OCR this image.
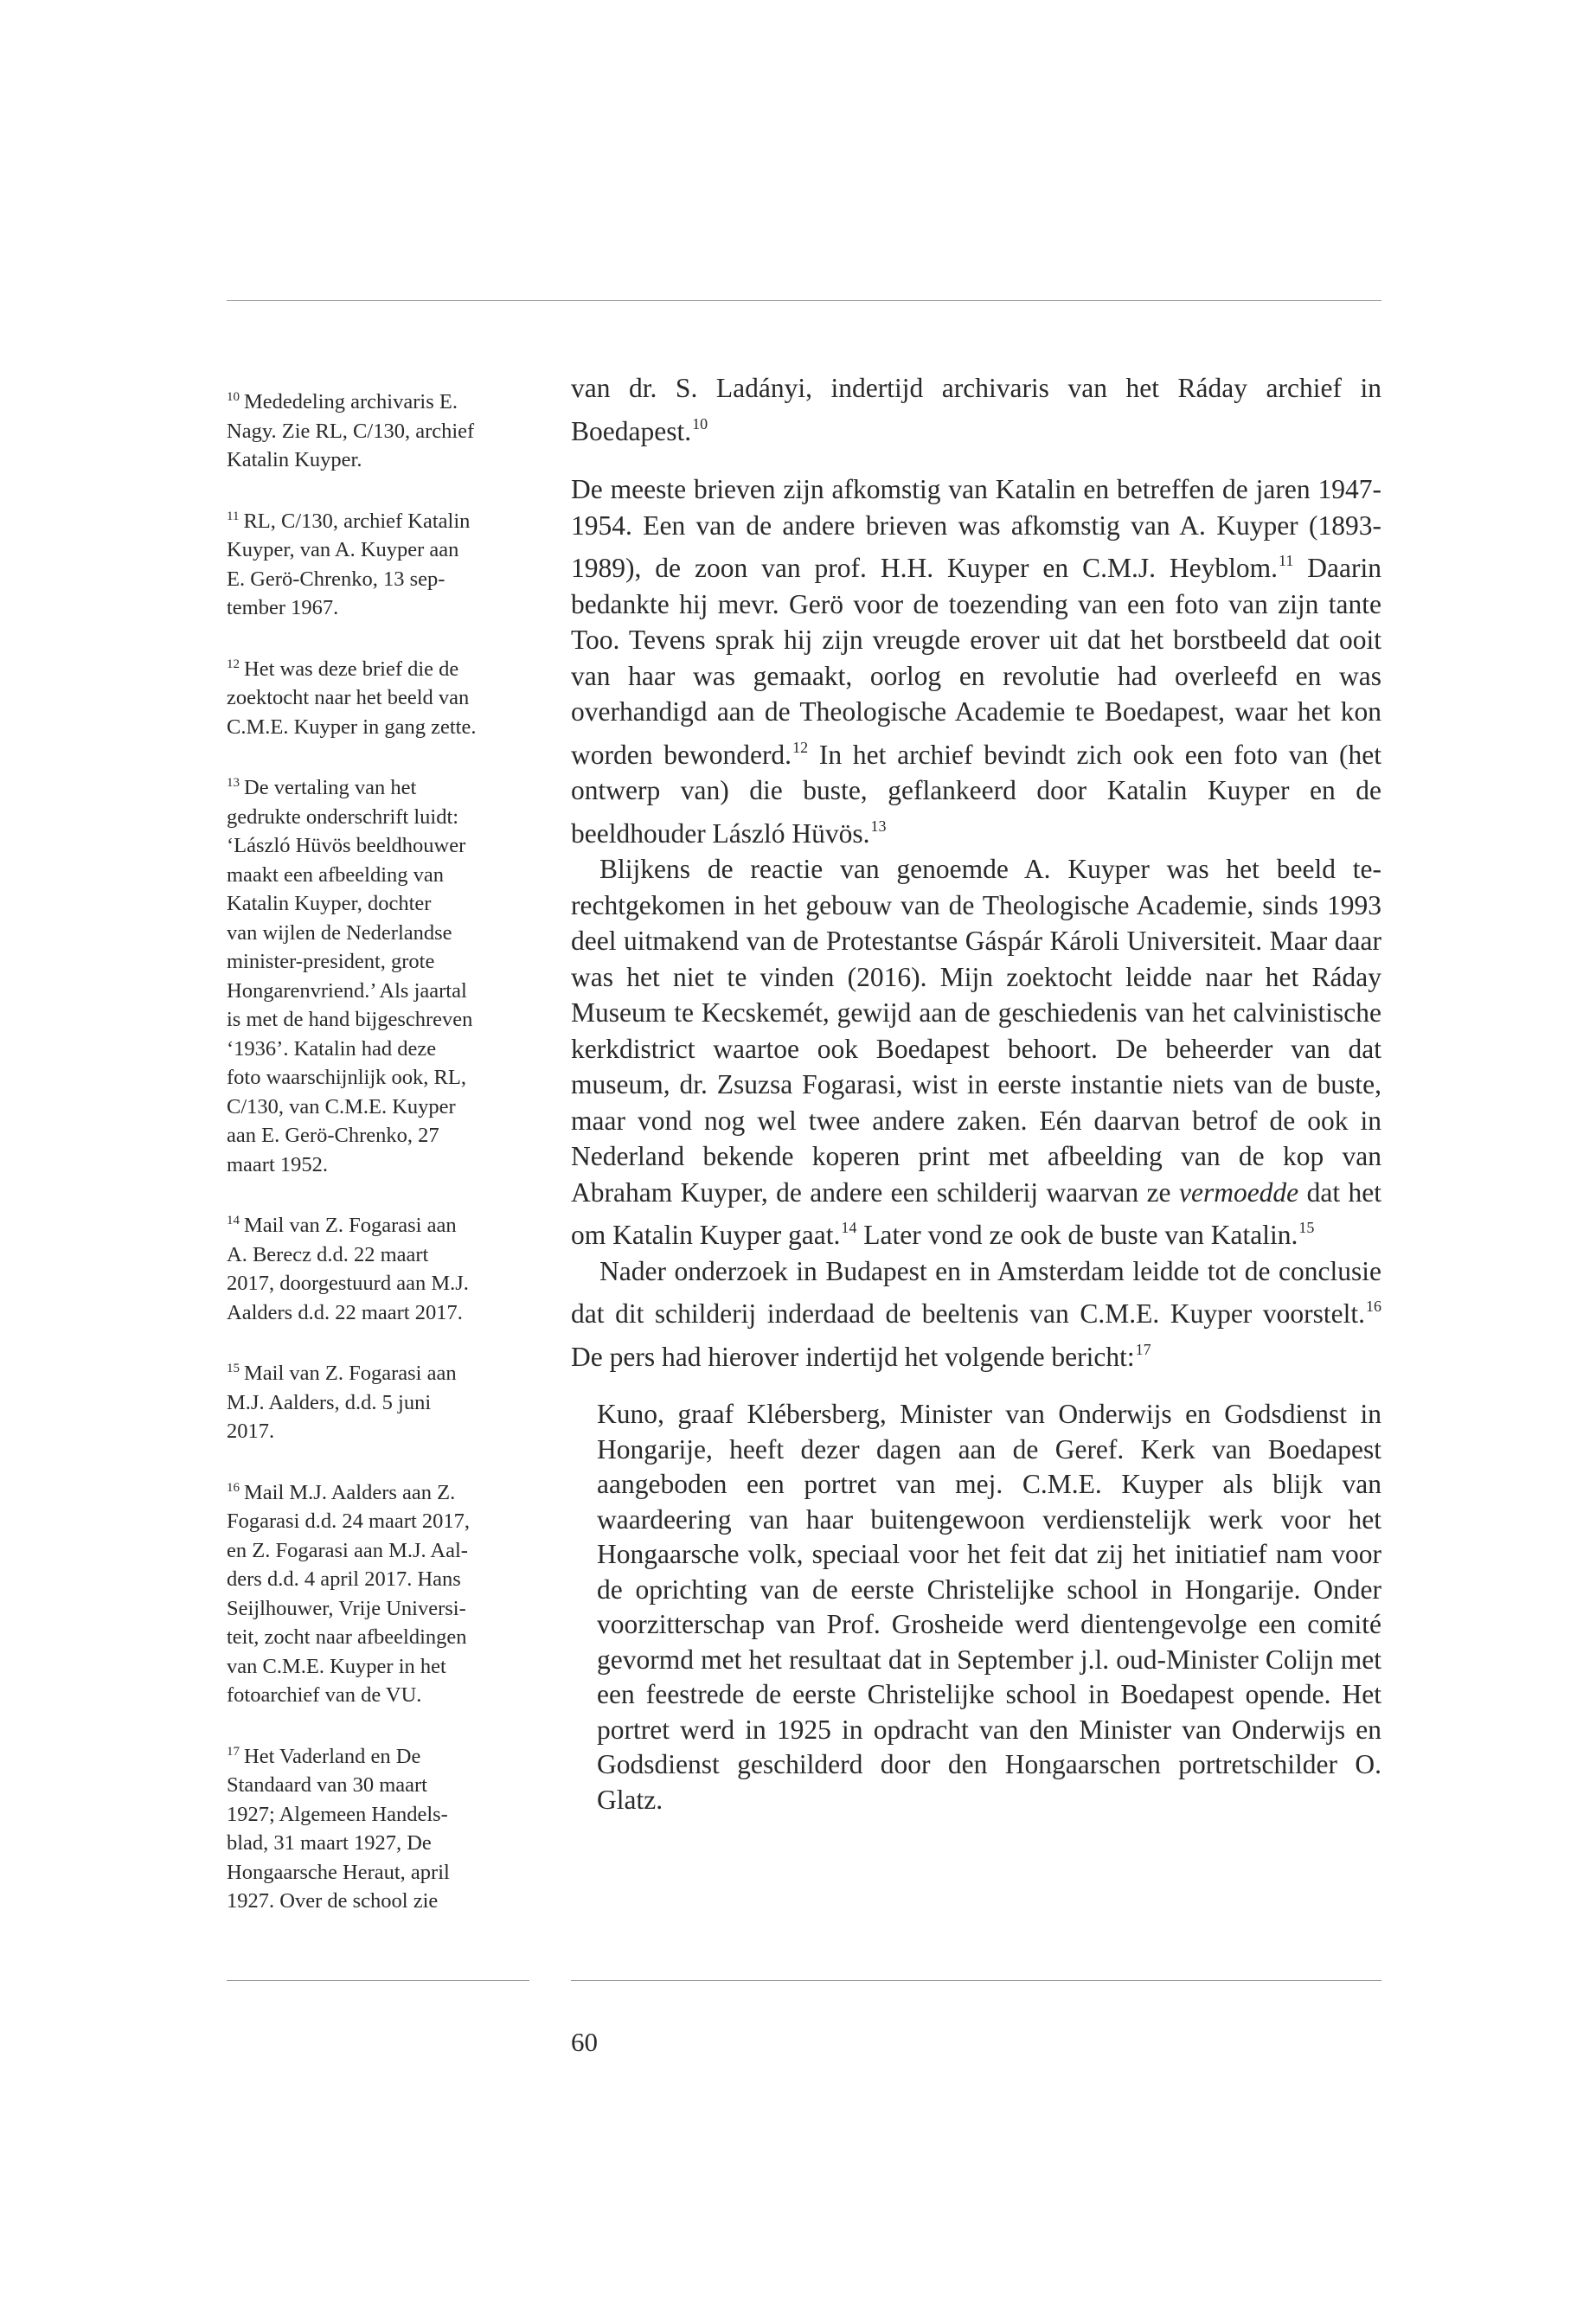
$^{10}$ Mededeling archivaris E.
Nagy. Zie RL, C/130, archief
Katalin Kuyper.
$^{11}$ RL, C/130, archief Katalin
Kuyper, van A. Kuyper aan
E. Gerö-Chrenko, 13 sep-
tember 1967.
$^{12}$ Het was deze brief die de
zoektocht naar het beeld van
C.M.E. Kuyper in gang zette.
$^{13}$ De vertaling van het
gedrukte onderschrift luidt:
‘László Hüvös beeldhouwer
maakt een afbeelding van
Katalin Kuyper, dochter
van wijlen de Nederlandse
minister-president, grote
Hongarenvriend.’ Als jaartal
is met de hand bijgeschreven
‘1936’. Katalin had deze
foto waarschijnlijk ook, RL,
C/130, van C.M.E. Kuyper
aan E. Gerö-Chrenko, 27
maart 1952.
$^{14}$ Mail van Z. Fogarasi aan
A. Berecz d.d. 22 maart
2017, doorgestuurd aan M.J.
Aalders d.d. 22 maart 2017.
$^{15}$ Mail van Z. Fogarasi aan
M.J. Aalders, d.d. 5 juni
2017.
$^{16}$ Mail M.J. Aalders aan Z.
Fogarasi d.d. 24 maart 2017,
en Z. Fogarasi aan M.J. Aal-
ders d.d. 4 april 2017. Hans
Seijlhouwer, Vrije Universi-
teit, zocht naar afbeeldingen
van C.M.E. Kuyper in het
fotoarchief van de VU.
$^{17}$ Het Vaderland en De
Standaard van 30 maart
1927; Algemeen Handels-
blad, 31 maart 1927, De
Hongaarsche Heraut, april
1927. Over de school zie

van dr. S. Ladányi, indertijd archivaris van het Ráday archief in Boedapest.$^{10}$

De meeste brieven zijn afkomstig van Katalin en betreffen de jaren 1947-1954. Een van de andere brieven was afkomstig van A. Kuyper (1893-1989), de zoon van prof. H.H. Kuyper en C.M.J. Heyblom.$^{11}$ Daarin bedankte hij mevr. Gerö voor de toezending van een foto van zijn tante Too. Tevens sprak hij zijn vreugde erover uit dat het borstbeeld dat ooit van haar was gemaakt, oorlog en revolutie had overleefd en was overhandigd aan de Theologische Academie te Boedapest, waar het kon worden bewonderd.$^{12}$ In het archief bevindt zich ook een foto van (het ontwerp van) die buste, geflankeerd door Katalin Kuyper en de beeldhouder László Hüvös.$^{13}$

Blijkens de reactie van genoemde A. Kuyper was het beeld terechtgekomen in het gebouw van de Theologische Academie, sinds 1993 deel uitmakend van de Protestantse Gáspár Károli Universiteit. Maar daar was het niet te vinden (2016). Mijn zoektocht leidde naar het Ráday Museum te Kecskemét, gewijd aan de geschiedenis van het calvinistische kerkdistrict waartoe ook Boedapest behoort. De beheerder van dat museum, dr. Zsuzsa Fogarasi, wist in eerste instantie niets van de buste, maar vond nog wel twee andere zaken. Eén daarvan betrof de ook in Nederland bekende koperen print met afbeelding van de kop van Abraham Kuyper, de andere een schilderij waarvan ze vermoedde dat het om Katalin Kuyper gaat.$^{14}$ Later vond ze ook de buste van Katalin.$^{15}$

Nader onderzoek in Budapest en in Amsterdam leidde tot de conclusie dat dit schilderij inderdaad de beeltenis van C.M.E. Kuyper voorstelt.$^{16}$ De pers had hierover indertijd het volgende bericht:$^{17}$

Kuno, graaf Klébersberg, Minister van Onderwijs en Godsdienst in Hongarije, heeft dezer dagen aan de Geref. Kerk van Boedapest aangeboden een portret van mej. C.M.E. Kuyper als blijk van waardeering van haar buitengewoon verdienstelijk werk voor het Hongaarsche volk, speciaal voor het feit dat zij het initiatief nam voor de oprichting van de eerste Christelijke school in Hongarije. Onder voorzitterschap van Prof. Grosheide werd dientengevolge een comité gevormd met het resultaat dat in September j.l. oud-Minister Colijn met een feestrede de eerste Christelijke school in Boedapest opende. Het portret werd in 1925 in opdracht van den Minister van Onderwijs en Godsdienst geschilderd door den Hongaarschen portretschilder O. Glatz.

60
